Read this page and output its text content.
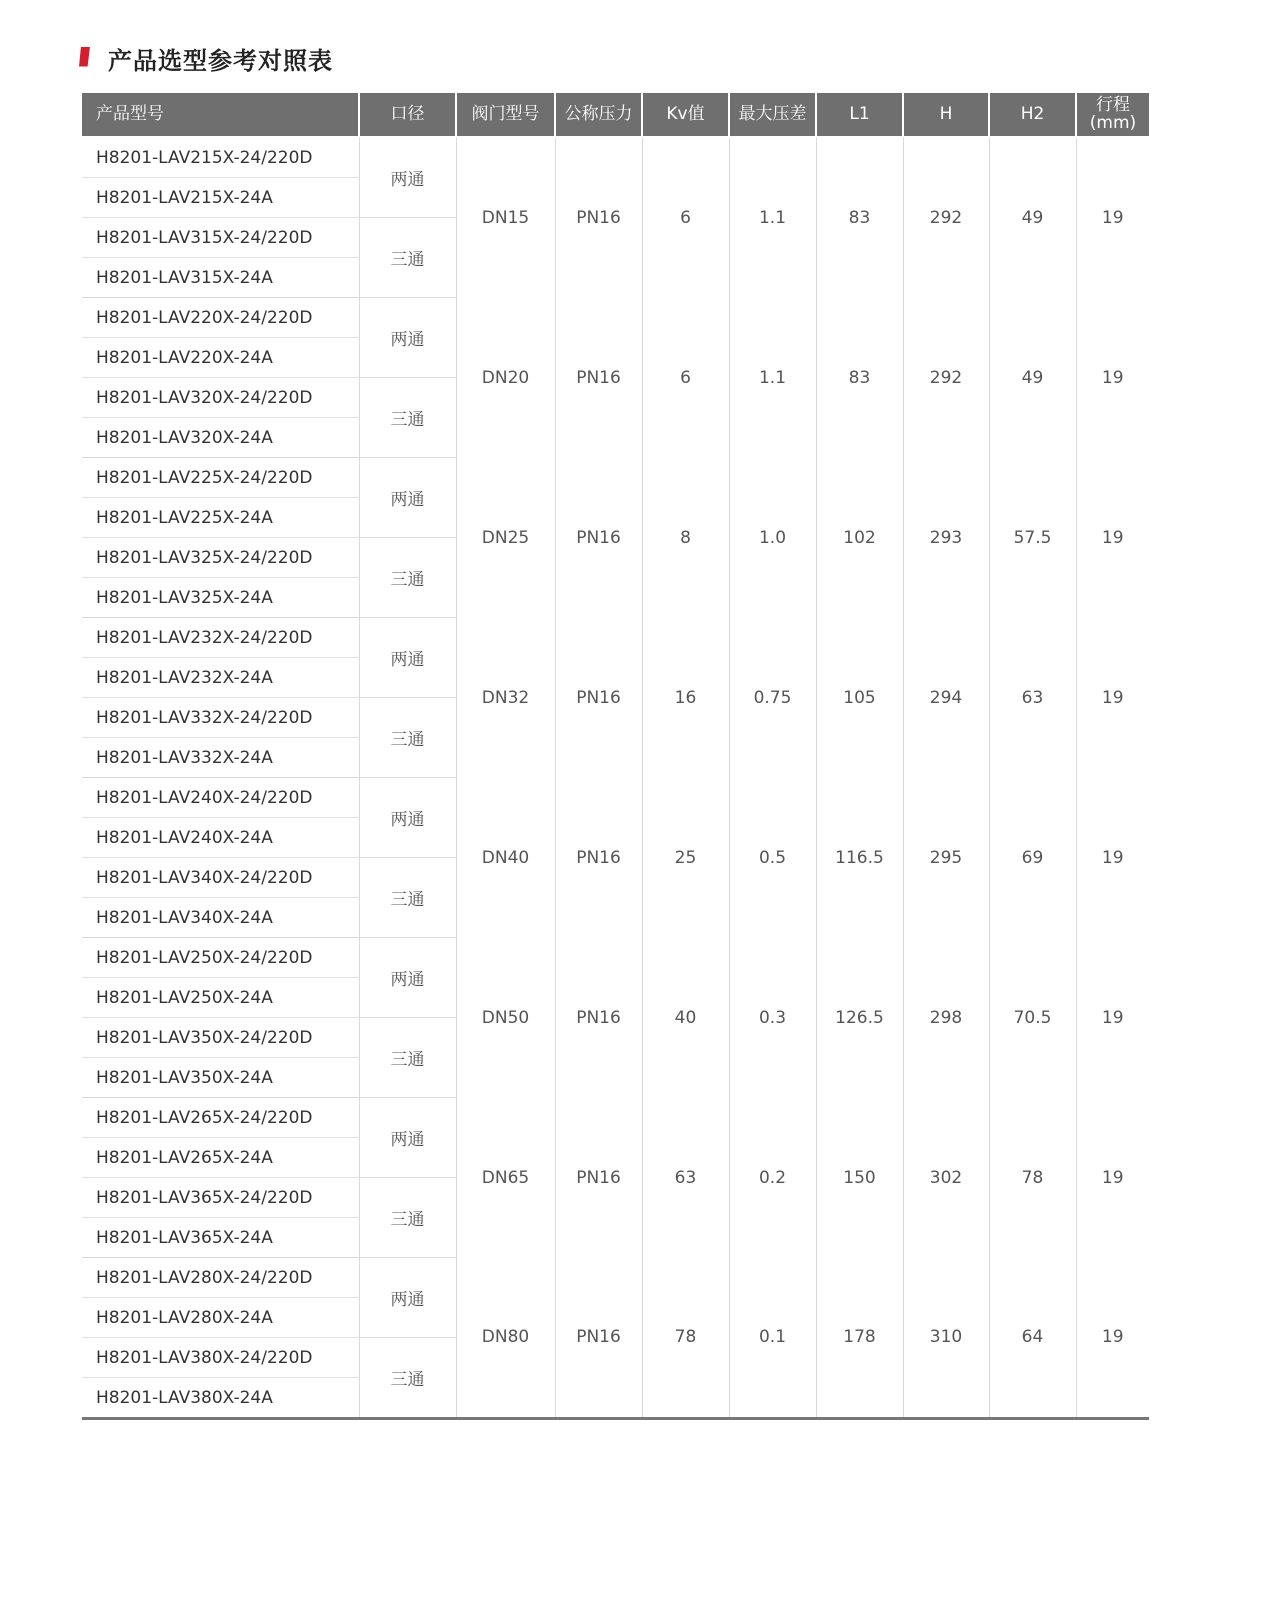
产品选型参考对照表
产品型号	口径	阀门型号	公称压力	Kv值	最大压差	L1	H	H2	行程
(mm)
H8201-LAV215X-24/220D	两通	DN15	PN16	6	1.1	83	292	49	19
H8201-LAV215X-24A									
H8201-LAV315X-24/220D	三通								
H8201-LAV315X-24A									
H8201-LAV220X-24/220D	两通	DN20	PN16	6	1.1	83	292	49	19
H8201-LAV220X-24A									
H8201-LAV320X-24/220D	三通								
H8201-LAV320X-24A									
H8201-LAV225X-24/220D	两通	DN25	PN16	8	1.0	102	293	57.5	19
H8201-LAV225X-24A									
H8201-LAV325X-24/220D	三通								
H8201-LAV325X-24A									
H8201-LAV232X-24/220D	两通	DN32	PN16	16	0.75	105	294	63	19
H8201-LAV232X-24A									
H8201-LAV332X-24/220D	三通								
H8201-LAV332X-24A									
H8201-LAV240X-24/220D	两通	DN40	PN16	25	0.5	116.5	295	69	19
H8201-LAV240X-24A									
H8201-LAV340X-24/220D	三通								
H8201-LAV340X-24A									
H8201-LAV250X-24/220D	两通	DN50	PN16	40	0.3	126.5	298	70.5	19
H8201-LAV250X-24A									
H8201-LAV350X-24/220D	三通								
H8201-LAV350X-24A									
H8201-LAV265X-24/220D	两通	DN65	PN16	63	0.2	150	302	78	19
H8201-LAV265X-24A									
H8201-LAV365X-24/220D	三通								
H8201-LAV365X-24A									
H8201-LAV280X-24/220D	两通	DN80	PN16	78	0.1	178	310	64	19
H8201-LAV280X-24A									
H8201-LAV380X-24/220D	三通								
H8201-LAV380X-24A									
